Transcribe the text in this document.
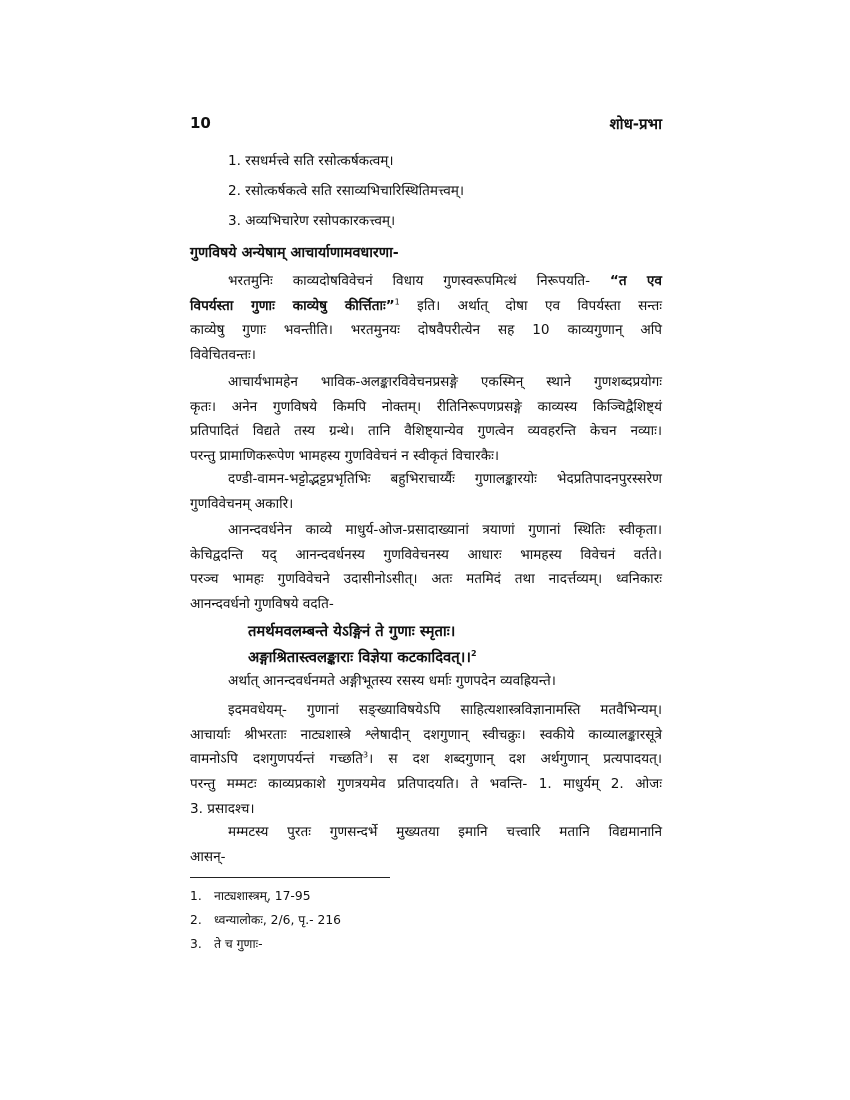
10	शोध-प्रभा
1. रसधर्मत्त्वे सति रसोत्कर्षकत्वम्।
2. रसोत्कर्षकत्वे सति रसाव्यभिचारिस्थितिमत्त्वम्।
3. अव्यभिचारेण रसोपकारकत्त्वम्।
गुणविषये अन्येषाम् आचार्याणामवधारणा-
भरतमुनिः काव्यदोषविवेचनं विधाय गुणस्वरूपमित्थं निरूपयति- “त एव
विपर्यस्ता गुणाः काव्येषु कीर्त्तिताः”$^1$ इति। अर्थात् दोषा एव विपर्यस्ता सन्तः
काव्येषु गुणाः भवन्तीति। भरतमुनयः दोषवैपरीत्येन सह 10 काव्यगुणान् अपि
विवेचितवन्तः।
आचार्यभामहेन भाविक-अलङ्कारविवेचनप्रसङ्गे एकस्मिन् स्थाने गुणशब्दप्रयोगः
कृतः। अनेन गुणविषये किमपि नोक्तम्। रीतिनिरूपणप्रसङ्गे काव्यस्य किञ्चिद्वैशिष्ट्यं
प्रतिपादितं विद्यते तस्य ग्रन्थे। तानि वैशिष्ट्यान्येव गुणत्वेन व्यवहरन्ति केचन नव्याः।
परन्तु प्रामाणिकरूपेण भामहस्य गुणविवेचनं न स्वीकृतं विचारकैः।
दण्डी-वामन-भट्टोद्भट्टप्रभृतिभिः बहुभिराचार्य्यैः गुणालङ्कारयोः भेदप्रतिपादनपुरस्सरेण
गुणविवेचनम् अकारि।
आनन्दवर्धनेन काव्ये माधुर्य-ओज-प्रसादाख्यानां त्रयाणां गुणानां स्थितिः स्वीकृता।
केचिद्वदन्ति यद् आनन्दवर्धनस्य गुणविवेचनस्य आधारः भामहस्य विवेचनं वर्तते।
परञ्च भामहः गुणविवेचने उदासीनोऽसीत्। अतः मतमिदं तथा नादर्त्तव्यम्। ध्वनिकारः
आनन्दवर्धनो गुणविषये वदति-
तमर्थमवलम्बन्ते येऽङ्गिनं ते गुणाः स्मृताः।
अङ्गाश्रितास्त्वलङ्काराः विज्ञेया कटकादिवत्।।$^2$
अर्थात् आनन्दवर्धनमते अङ्गीभूतस्य रसस्य धर्माः गुणपदेन व्यवह्रियन्ते।
इदमवधेयम्- गुणानां सङ्ख्याविषयेऽपि साहित्यशास्त्रविज्ञानामस्ति मतवैभिन्यम्।
आचार्याः श्रीभरताः नाट्यशास्त्रे श्लेषादीन् दशगुणान् स्वीचक्रुः। स्वकीये काव्यालङ्कारसूत्रे
वामनोऽपि दशगुणपर्यन्तं गच्छति$^3$। स दश शब्दगुणान् दश अर्थगुणान् प्रत्यपादयत्।
परन्तु मम्मटः काव्यप्रकाशे गुणत्रयमेव प्रतिपादयति। ते भवन्ति- 1. माधुर्यम् 2. ओजः
3. प्रसादश्च।
मम्मटस्य पुरतः गुणसन्दर्भे मुख्यतया इमानि चत्त्वारि मतानि विद्यमानानि
आसन्-
1. नाट्यशास्त्रम्, 17-95
2. ध्वन्यालोकः, 2/6, पृ.- 216
3. ते च गुणाः-
